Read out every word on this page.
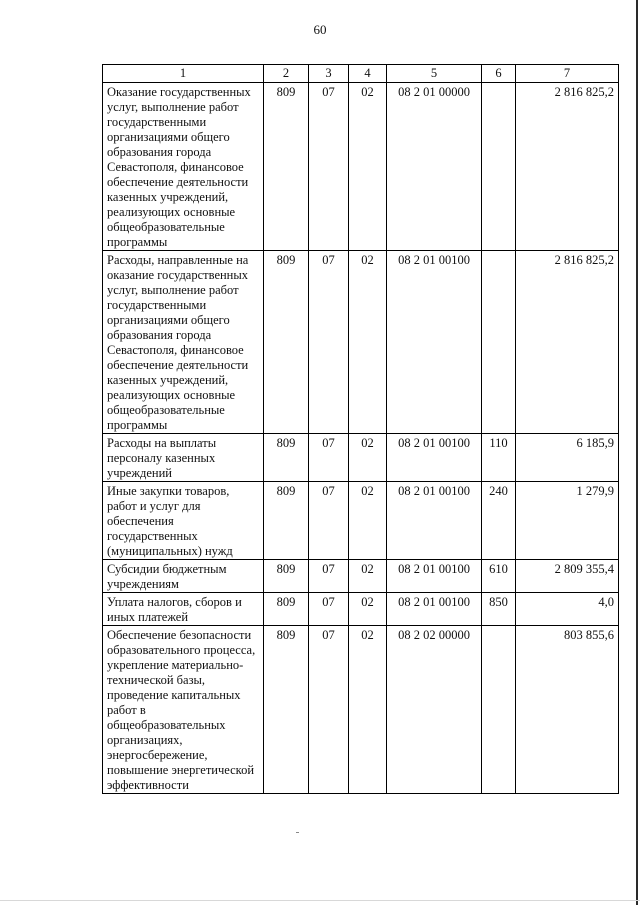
60
1	2	3	4	5	6	7
Оказание государственных услуг, выполнение работ государственными организациями общего образования города Севастополя, финансовое обеспечение деятельности казенных учреждений, реализующих основные общеобразовательные программы	809	07	02	08 2 01 00000		2 816 825,2
Расходы, направленные на оказание государственных услуг, выполнение работ государственными организациями общего образования города Севастополя, финансовое обеспечение деятельности казенных учреждений, реализующих основные общеобразовательные программы	809	07	02	08 2 01 00100		2 816 825,2
Расходы на выплаты персоналу казенных учреждений	809	07	02	08 2 01 00100	110	6 185,9
Иные закупки товаров, работ и услуг для обеспечения государственных (муниципальных) нужд	809	07	02	08 2 01 00100	240	1 279,9
Субсидии бюджетным учреждениям	809	07	02	08 2 01 00100	610	2 809 355,4
Уплата налогов, сборов и иных платежей	809	07	02	08 2 01 00100	850	4,0
Обеспечение безопасности образовательного процесса, укрепление материально-технической базы, проведение капитальных работ в общеобразовательных организациях, энергосбережение, повышение энергетической эффективности	809	07	02	08 2 02 00000		803 855,6
